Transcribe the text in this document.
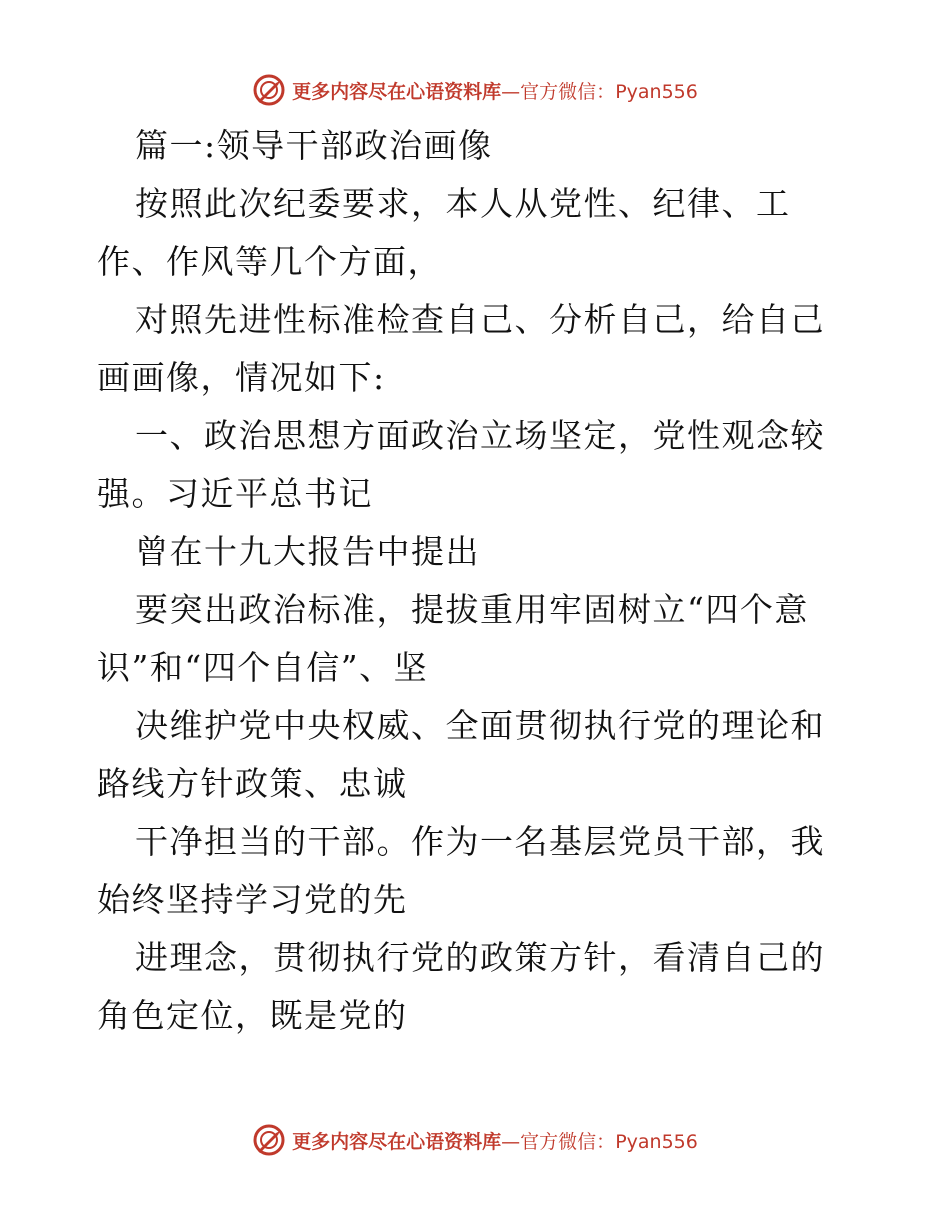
更多内容尽在心语资料库—官方微信：Pyan556

篇一:领导干部政治画像

按照此次纪委要求，本人从党性、纪律、工作、作风等几个方面，

对照先进性标准检查自己、分析自己，给自己画画像，情况如下:

一、政治思想方面政治立场坚定，党性观念较强。习近平总书记

曾在十九大报告中提出

要突出政治标准，提拔重用牢固树立“四个意识”和“四个自信”、坚

决维护党中央权威、全面贯彻执行党的理论和路线方针政策、忠诚

干净担当的干部。作为一名基层党员干部，我始终坚持学习党的先

进理念，贯彻执行党的政策方针，看清自己的角色定位，既是党的

更多内容尽在心语资料库—官方微信：Pyan556
